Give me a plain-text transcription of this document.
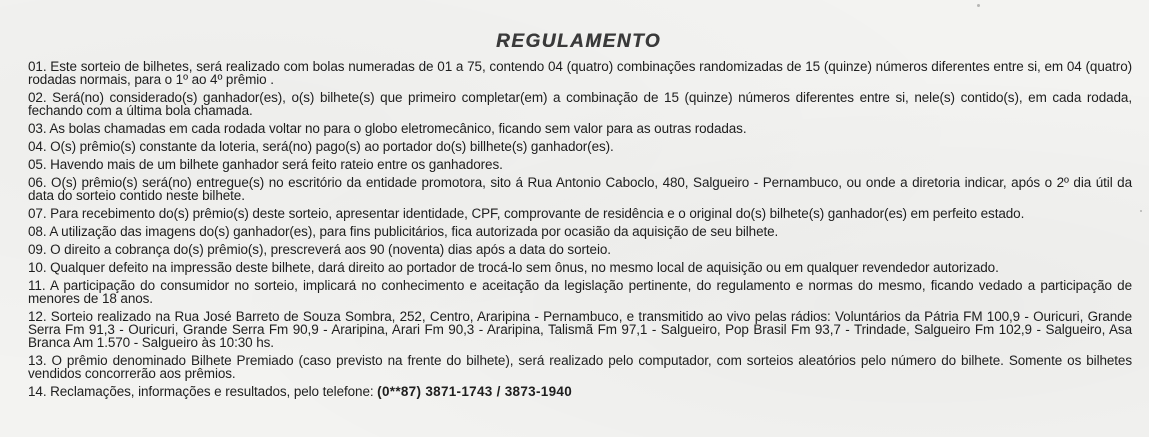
REGULAMENTO

01. Este sorteio de bilhetes, será realizado com bolas numeradas de 01 a 75, contendo 04 (quatro) combinações randomizadas de 15 (quinze) números diferentes entre si, em 04 (quatro) rodadas normais, para o 1º ao 4º prêmio .

02. Será(no) considerado(s) ganhador(es), o(s) bilhete(s) que primeiro completar(em) a combinação de 15 (quinze) números diferentes entre si, nele(s) contido(s), em cada rodada, fechando com a última bola chamada.

03. As bolas chamadas em cada rodada voltar no para o globo eletromecânico, ficando sem valor para as outras rodadas.

04. O(s) prêmio(s) constante da loteria, será(no) pago(s) ao portador do(s) billhete(s) ganhador(es).

05. Havendo mais de um bilhete ganhador será feito rateio entre os ganhadores.

06. O(s) prêmio(s) será(no) entregue(s) no escritório da entidade promotora, sito á Rua Antonio Caboclo, 480, Salgueiro - Pernambuco, ou onde a diretoria indicar, após o 2º dia útil da data do sorteio contido neste bilhete.

07. Para recebimento do(s) prêmio(s) deste sorteio, apresentar identidade, CPF, comprovante de residência e o original do(s) bilhete(s) ganhador(es) em perfeito estado.

08. A utilização das imagens do(s) ganhador(es), para fins publicitários, fica autorizada por ocasião da aquisição de seu bilhete.

09. O direito a cobrança do(s) prêmio(s), prescreverá aos 90 (noventa) dias após a data do sorteio.

10. Qualquer defeito na impressão deste bilhete, dará direito ao portador de trocá-lo sem ônus, no mesmo local de aquisição ou em qualquer revendedor autorizado.

11. A participação do consumidor no sorteio, implicará no conhecimento e aceitação da legislação pertinente, do regulamento e normas do mesmo, ficando vedado a participação de menores de 18 anos.

12. Sorteio realizado na Rua José Barreto de Souza Sombra, 252, Centro, Araripina - Pernambuco, e transmitido ao vivo pelas rádios: Voluntários da Pátria FM 100,9 - Ouricuri, Grande Serra Fm 91,3 - Ouricuri, Grande Serra Fm 90,9 - Araripina, Arari Fm 90,3 - Araripina, Talismã Fm 97,1 - Salgueiro, Pop Brasil Fm 93,7 - Trindade, Salgueiro Fm 102,9 - Salgueiro, Asa Branca Am 1.570 - Salgueiro às 10:30 hs.

13. O prêmio denominado Bilhete Premiado (caso previsto na frente do bilhete), será realizado pelo computador, com sorteios aleatórios pelo número do bilhete. Somente os bilhetes vendidos concorrerão aos prêmios.

14. Reclamações, informações e resultados, pelo telefone: (0**87) 3871-1743 / 3873-1940
